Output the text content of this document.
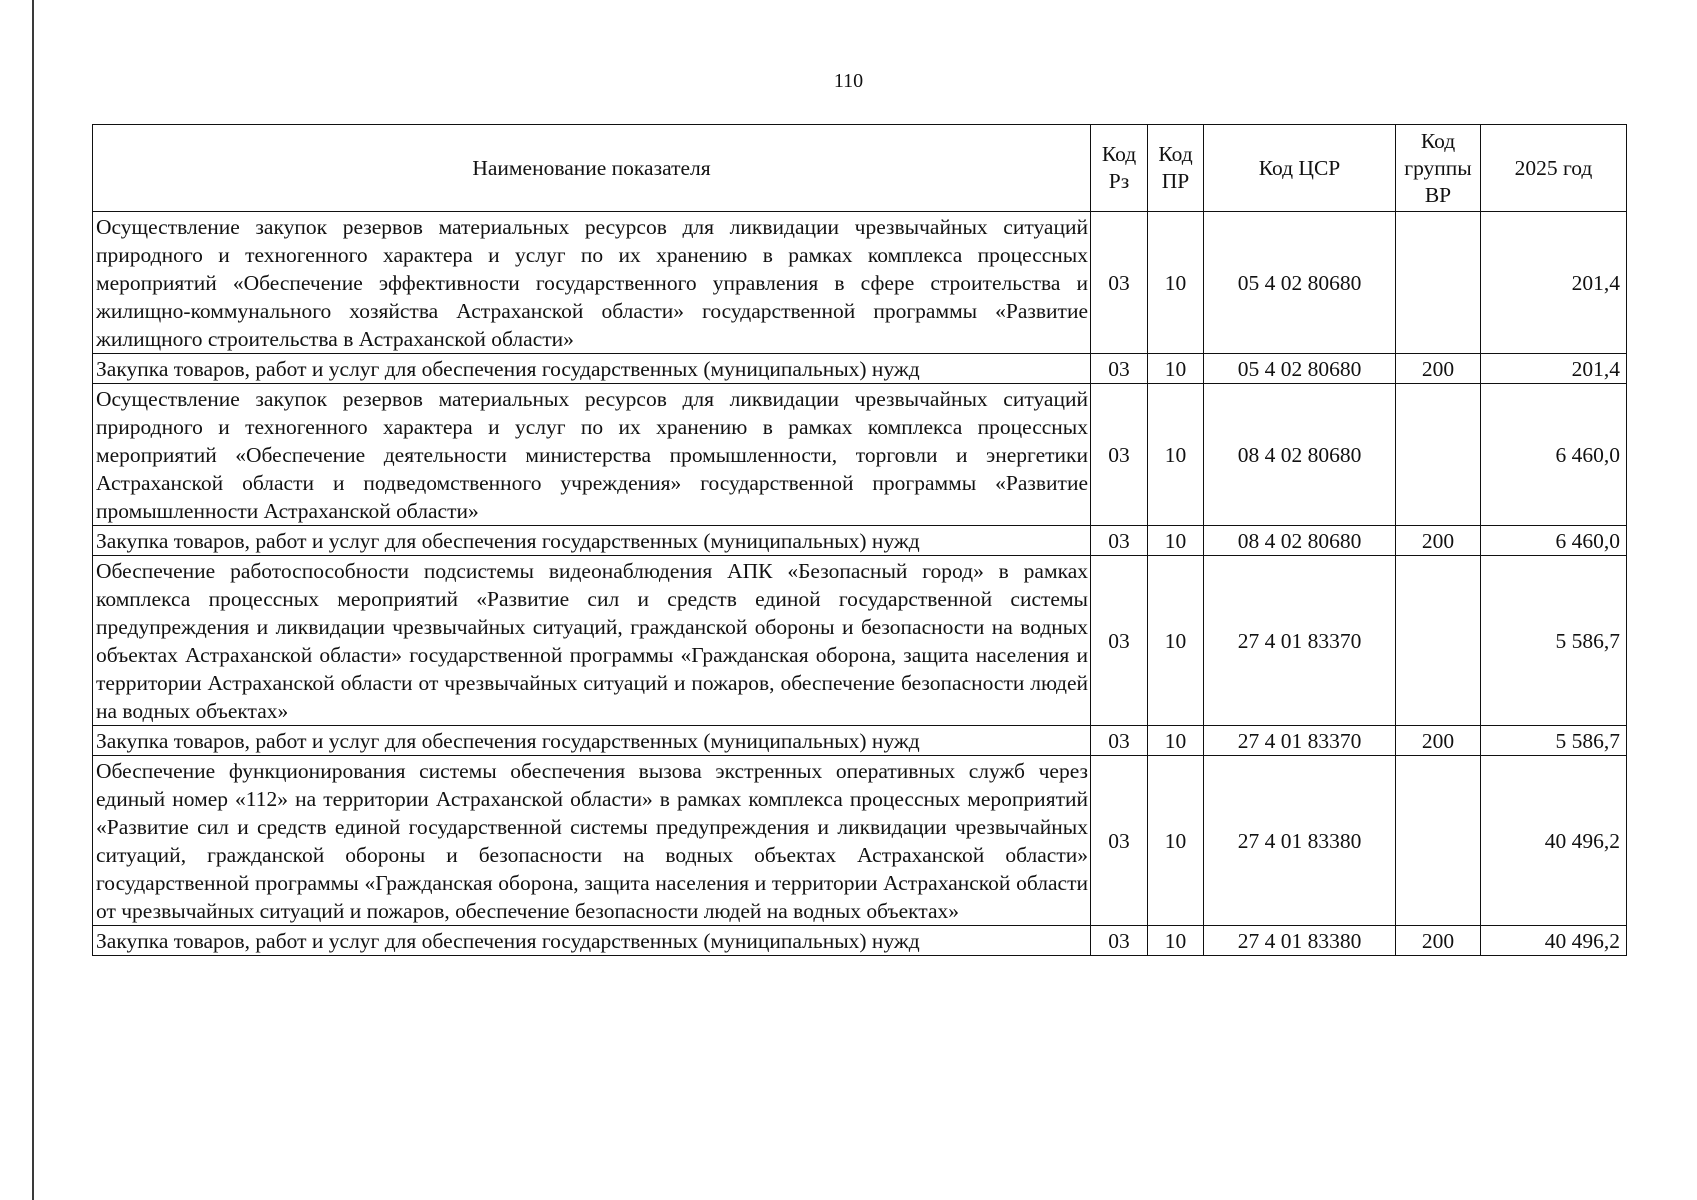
110
Наименование показателя	Код Рз	Код ПР	Код ЦСР	Код группы ВР	2025 год
Осуществление закупок резервов материальных ресурсов для ликвидации чрезвычайных ситуаций природного и техногенного характера и услуг по их хранению в рамках комплекса процессных мероприятий «Обеспечение эффективности государственного управления в сфере строительства и жилищно-коммунального хозяйства Астраханской области» государственной программы «Развитие жилищного строительства в Астраханской области»	03	10	05 4 02 80680		201,4
Закупка товаров, работ и услуг для обеспечения государственных (муниципальных) нужд	03	10	05 4 02 80680	200	201,4
Осуществление закупок резервов материальных ресурсов для ликвидации чрезвычайных ситуаций природного и техногенного характера и услуг по их хранению в рамках комплекса процессных мероприятий «Обеспечение деятельности министерства промышленности, торговли и энергетики Астраханской области и подведомственного учреждения» государственной программы «Развитие промышленности Астраханской области»	03	10	08 4 02 80680		6 460,0
Закупка товаров, работ и услуг для обеспечения государственных (муниципальных) нужд	03	10	08 4 02 80680	200	6 460,0
Обеспечение работоспособности подсистемы видеонаблюдения АПК «Безопасный город» в рамках комплекса процессных мероприятий «Развитие сил и средств единой государственной системы предупреждения и ликвидации чрезвычайных ситуаций, гражданской обороны и безопасности на водных объектах Астраханской области» государственной программы «Гражданская оборона, защита населения и территории Астраханской области от чрезвычайных ситуаций и пожаров, обеспечение безопасности людей на водных объектах»	03	10	27 4 01 83370		5 586,7
Закупка товаров, работ и услуг для обеспечения государственных (муниципальных) нужд	03	10	27 4 01 83370	200	5 586,7
Обеспечение функционирования системы обеспечения вызова экстренных оперативных служб через единый номер «112» на территории Астраханской области» в рамках комплекса процессных мероприятий «Развитие сил и средств единой государственной системы предупреждения и ликвидации чрезвычайных ситуаций, гражданской обороны и безопасности на водных объектах Астраханской области» государственной программы «Гражданская оборона, защита населения и территории Астраханской области от чрезвычайных ситуаций и пожаров, обеспечение безопасности людей на водных объектах»	03	10	27 4 01 83380		40 496,2
Закупка товаров, работ и услуг для обеспечения государственных (муниципальных) нужд	03	10	27 4 01 83380	200	40 496,2
